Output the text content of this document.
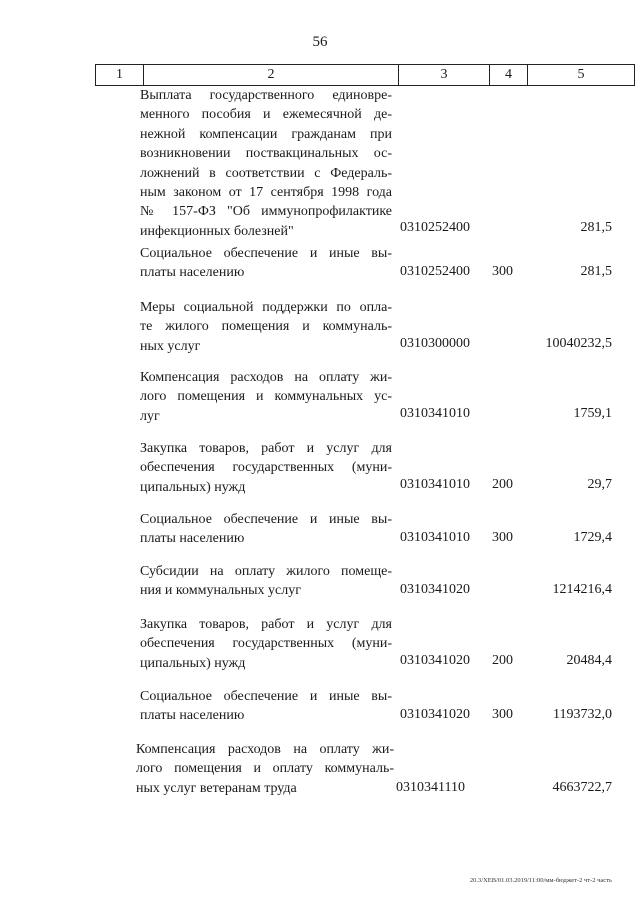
56
1	2	3	4	5
Выплата государственного единовре-
менного пособия и ежемесячной де-
нежной компенсации гражданам при
возникновении поствакцинальных ос-
ложнений в соответствии с Федераль-
ным законом от 17 сентября 1998 года
№ 157-ФЗ "Об иммунопрофилактике
инфекционных болезней"	0310252400	281,5
Социальное обеспечение и иные вы-
платы населению	0310252400 300	281,5
Меры социальной поддержки по опла-
те жилого помещения и коммуналь-
ных услуг	0310300000	10040232,5
Компенсация расходов на оплату жи-
лого помещения и коммунальных ус-
луг	0310341010	1759,1
Закупка товаров, работ и услуг для
обеспечения государственных (муни-
ципальных) нужд	0310341010 200	29,7
Социальное обеспечение и иные вы-
платы населению	0310341010 300	1729,4
Субсидии на оплату жилого помеще-
ния и коммунальных услуг	0310341020	1214216,4
Закупка товаров, работ и услуг для
обеспечения государственных (муни-
ципальных) нужд	0310341020 200	20484,4
Социальное обеспечение и иные вы-
платы населению	0310341020 300	1193732,0
Компенсация расходов на оплату жи-
лого помещения и оплату коммуналь-
ных услуг ветеранам труда	0310341110	4663722,7
20.3/ХЕВ/01.03.2019/11:00/мм-бюджет-2 чт-2 часть
